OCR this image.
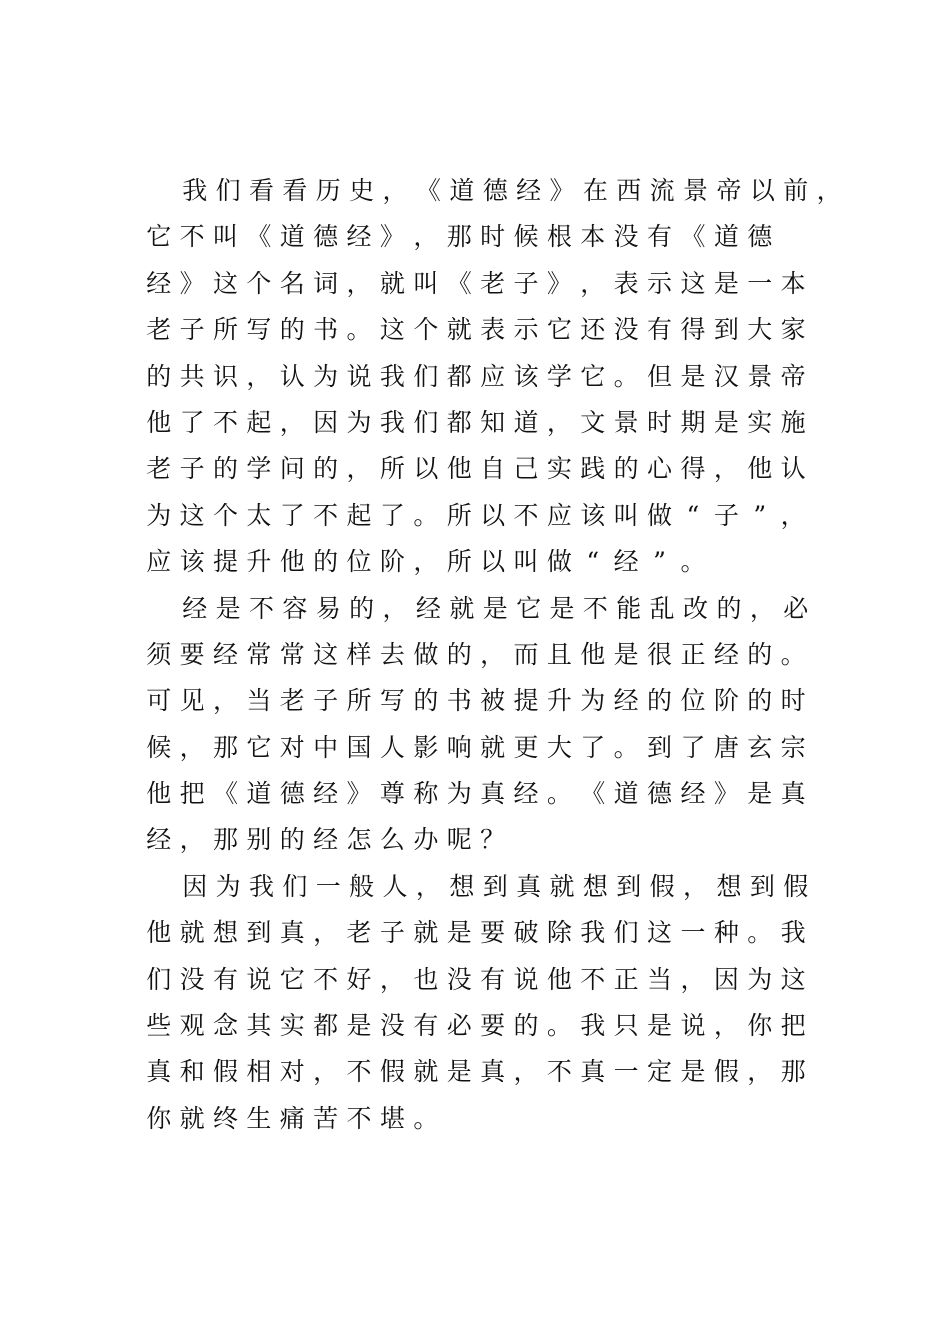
我 们 看 看 历 史 ， 《 道 德 经 》 在 西 流 景 帝 以 前 ，
它 不 叫 《 道 德 经 》 ， 那 时 候 根 本 没 有 《 道 德
经 》 这 个 名 词 ， 就 叫 《 老 子 》 ， 表 示 这 是 一 本
老 子 所 写 的 书 。 这 个 就 表 示 它 还 没 有 得 到 大 家
的 共 识 ， 认 为 说 我 们 都 应 该 学 它 。 但 是 汉 景 帝
他 了 不 起 ， 因 为 我 们 都 知 道 ， 文 景 时 期 是 实 施
老 子 的 学 问 的 ， 所 以 他 自 己 实 践 的 心 得 ， 他 认
为 这 个 太 了 不 起 了 。 所 以 不 应 该 叫 做 “ 子 ” ，
应 该 提 升 他 的 位 阶 ， 所 以 叫 做 “ 经 ” 。
经 是 不 容 易 的 ， 经 就 是 它 是 不 能 乱 改 的 ， 必
须 要 经 常 常 这 样 去 做 的 ， 而 且 他 是 很 正 经 的 。
可 见 ， 当 老 子 所 写 的 书 被 提 升 为 经 的 位 阶 的 时
候 ， 那 它 对 中 国 人 影 响 就 更 大 了 。 到 了 唐 玄 宗
他 把 《 道 德 经 》 尊 称 为 真 经 。 《 道 德 经 》 是 真
经 ， 那 别 的 经 怎 么 办 呢 ？
因 为 我 们 一 般 人 ， 想 到 真 就 想 到 假 ， 想 到 假
他 就 想 到 真 ， 老 子 就 是 要 破 除 我 们 这 一 种 。 我
们 没 有 说 它 不 好 ， 也 没 有 说 他 不 正 当 ， 因 为 这
些 观 念 其 实 都 是 没 有 必 要 的 。 我 只 是 说 ， 你 把
真 和 假 相 对 ， 不 假 就 是 真 ， 不 真 一 定 是 假 ， 那
你 就 终 生 痛 苦 不 堪 。
